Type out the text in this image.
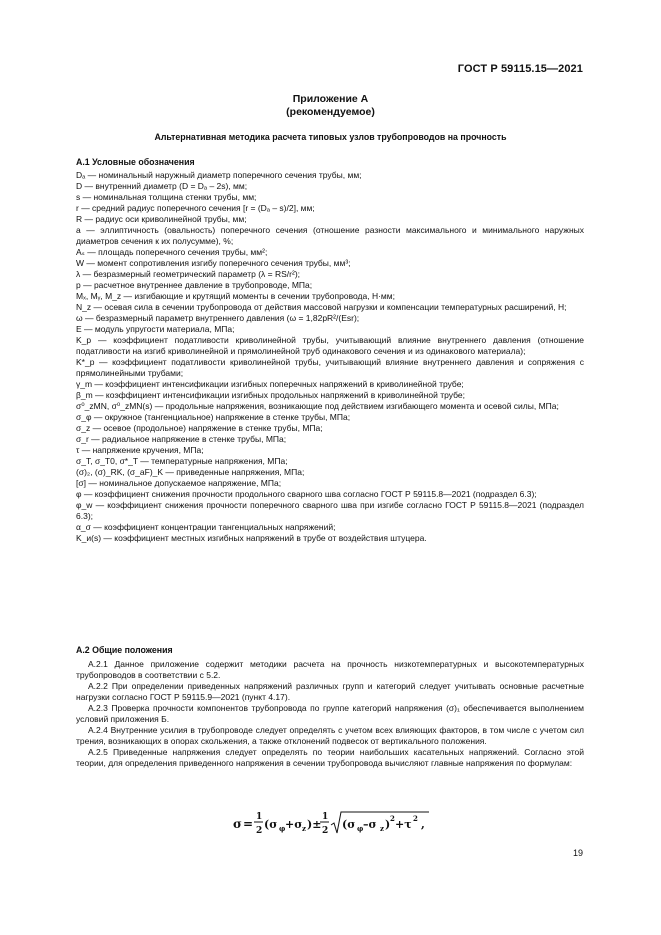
ГОСТ Р 59115.15—2021
Приложение А
(рекомендуемое)
Альтернативная методика расчета типовых узлов трубопроводов на прочность
А.1 Условные обозначения

Dₐ — номинальный наружный диаметр поперечного сечения трубы, мм;

D — внутренний диаметр (D = Dₐ – 2s), мм;

s — номинальная толщина стенки трубы, мм;

r — средний радиус поперечного сечения [r = (Dₐ – s)/2], мм;

R — радиус оси криволинейной трубы, мм;

a — эллиптичность (овальность) поперечного сечения (отношение разности максимального и минимального наружных диаметров сечения к их полусумме), %;

Aₛ — площадь поперечного сечения трубы, мм²;

W — момент сопротивления изгибу поперечного сечения трубы, мм³;

λ — безразмерный геометрический параметр (λ = RS/r²);

p — расчетное внутреннее давление в трубопроводе, МПа;

Mₓ, Mᵧ, M_z — изгибающие и крутящий моменты в сечении трубопровода, Н·мм;

N_z — осевая сила в сечении трубопровода от действия массовой нагрузки и компенсации температурных расширений, Н;

ω — безразмерный параметр внутреннего давления (ω = 1,82pR²/(Esr);

E — модуль упругости материала, МПа;

K_p — коэффициент податливости криволинейной трубы, учитывающий влияние внутреннего давления (отношение податливости на изгиб криволинейной и прямолинейной труб одинакового сечения и из одинакового материала);

K*_p — коэффициент податливости криволинейной трубы, учитывающий влияние внутреннего давления и сопряжения с прямолинейными трубами;

γ_m — коэффициент интенсификации изгибных поперечных напряжений в криволинейной трубе;

β_m — коэффициент интенсификации изгибных продольных напряжений в криволинейной трубе;

σ⁰_zMN, σ⁰_zMN(s) — продольные напряжения, возникающие под действием изгибающего момента и осевой силы, МПа;

σ_φ — окружное (тангенциальное) напряжение в стенке трубы, МПа;

σ_z — осевое (продольное) напряжение в стенке трубы, МПа;

σ_r — радиальное напряжение в стенке трубы, МПа;

τ — напряжение кручения, МПа;

σ_T, σ_T0, σ*_T — температурные напряжения, МПа;

(σ)₂, (σ)_RK, (σ_aF)_K — приведенные напряжения, МПа;

[σ] — номинальное допускаемое напряжение, МПа;

φ — коэффициент снижения прочности продольного сварного шва согласно ГОСТ Р 59115.8—2021 (подраздел 6.3);

φ_w — коэффициент снижения прочности поперечного сварного шва при изгибе согласно ГОСТ Р 59115.8—2021 (подраздел 6.3);

α_σ — коэффициент концентрации тангенциальных напряжений;

K_и(s) — коэффициент местных изгибных напряжений в трубе от воздействия штуцера.

А.2 Общие положения

А.2.1 Данное приложение содержит методики расчета на прочность низкотемпературных и высокотемпературных трубопроводов в соответствии с 5.2.

А.2.2 При определении приведенных напряжений различных групп и категорий следует учитывать основные расчетные нагрузки согласно ГОСТ Р 59115.9—2021 (пункт 4.17).

А.2.3 Проверка прочности компонентов трубопровода по группе категорий напряжения (σ)₁ обеспечивается выполнением условий приложения Б.

А.2.4 Внутренние усилия в трубопроводе следует определять с учетом всех влияющих факторов, в том числе с учетом сил трения, возникающих в опорах скольжения, а также отклонений подвесок от вертикального положения.

А.2.5 Приведенные напряжения следует определять по теории наибольших касательных напряжений. Согласно этой теории, для определения приведенного напряжения в сечении трубопровода вычисляют главные напряжения по формулам:

σ = 1
2 (σ φ +σ z )±
1
2 (σ φ –σ z ) 2 +τ 2 ,
19
